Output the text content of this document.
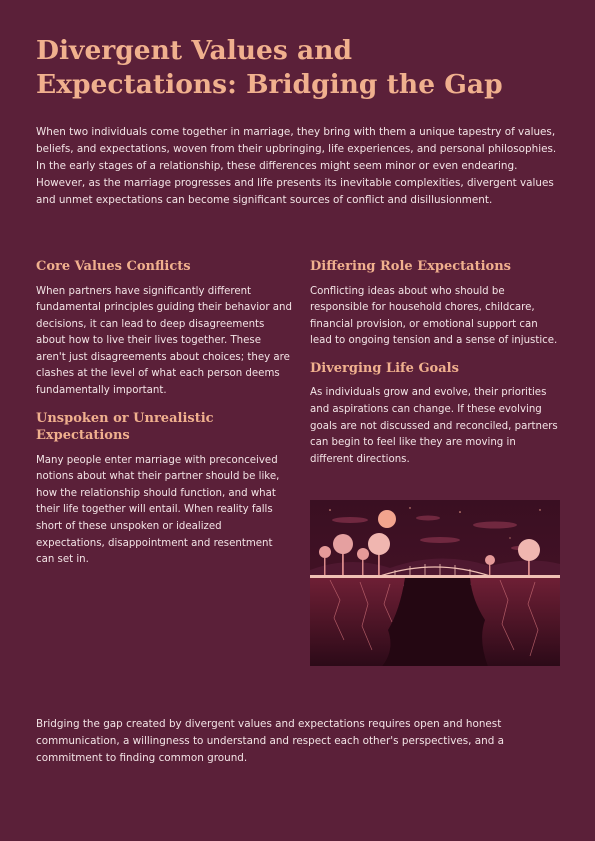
Divergent Values and Expectations: Bridging the Gap

When two individuals come together in marriage, they bring with them a unique tapestry of values, beliefs, and expectations, woven from their upbringing, life experiences, and personal philosophies. In the early stages of a relationship, these differences might seem minor or even endearing. However, as the marriage progresses and life presents its inevitable complexities, divergent values and unmet expectations can become significant sources of conflict and disillusionment.

Core Values Conflicts

When partners have significantly different fundamental principles guiding their behavior and decisions, it can lead to deep disagreements about how to live their lives together. These aren't just disagreements about choices; they are clashes at the level of what each person deems fundamentally important.

Unspoken or Unrealistic Expectations

Many people enter marriage with preconceived notions about what their partner should be like, how the relationship should function, and what their life together will entail. When reality falls short of these unspoken or idealized expectations, disappointment and resentment can set in.

Differing Role Expectations

Conflicting ideas about who should be responsible for household chores, childcare, financial provision, or emotional support can lead to ongoing tension and a sense of injustice.

Diverging Life Goals

As individuals grow and evolve, their priorities and aspirations can change. If these evolving goals are not discussed and reconciled, partners can begin to feel like they are moving in different directions.

Bridging the gap created by divergent values and expectations requires open and honest communication, a willingness to understand and respect each other's perspectives, and a commitment to finding common ground.
